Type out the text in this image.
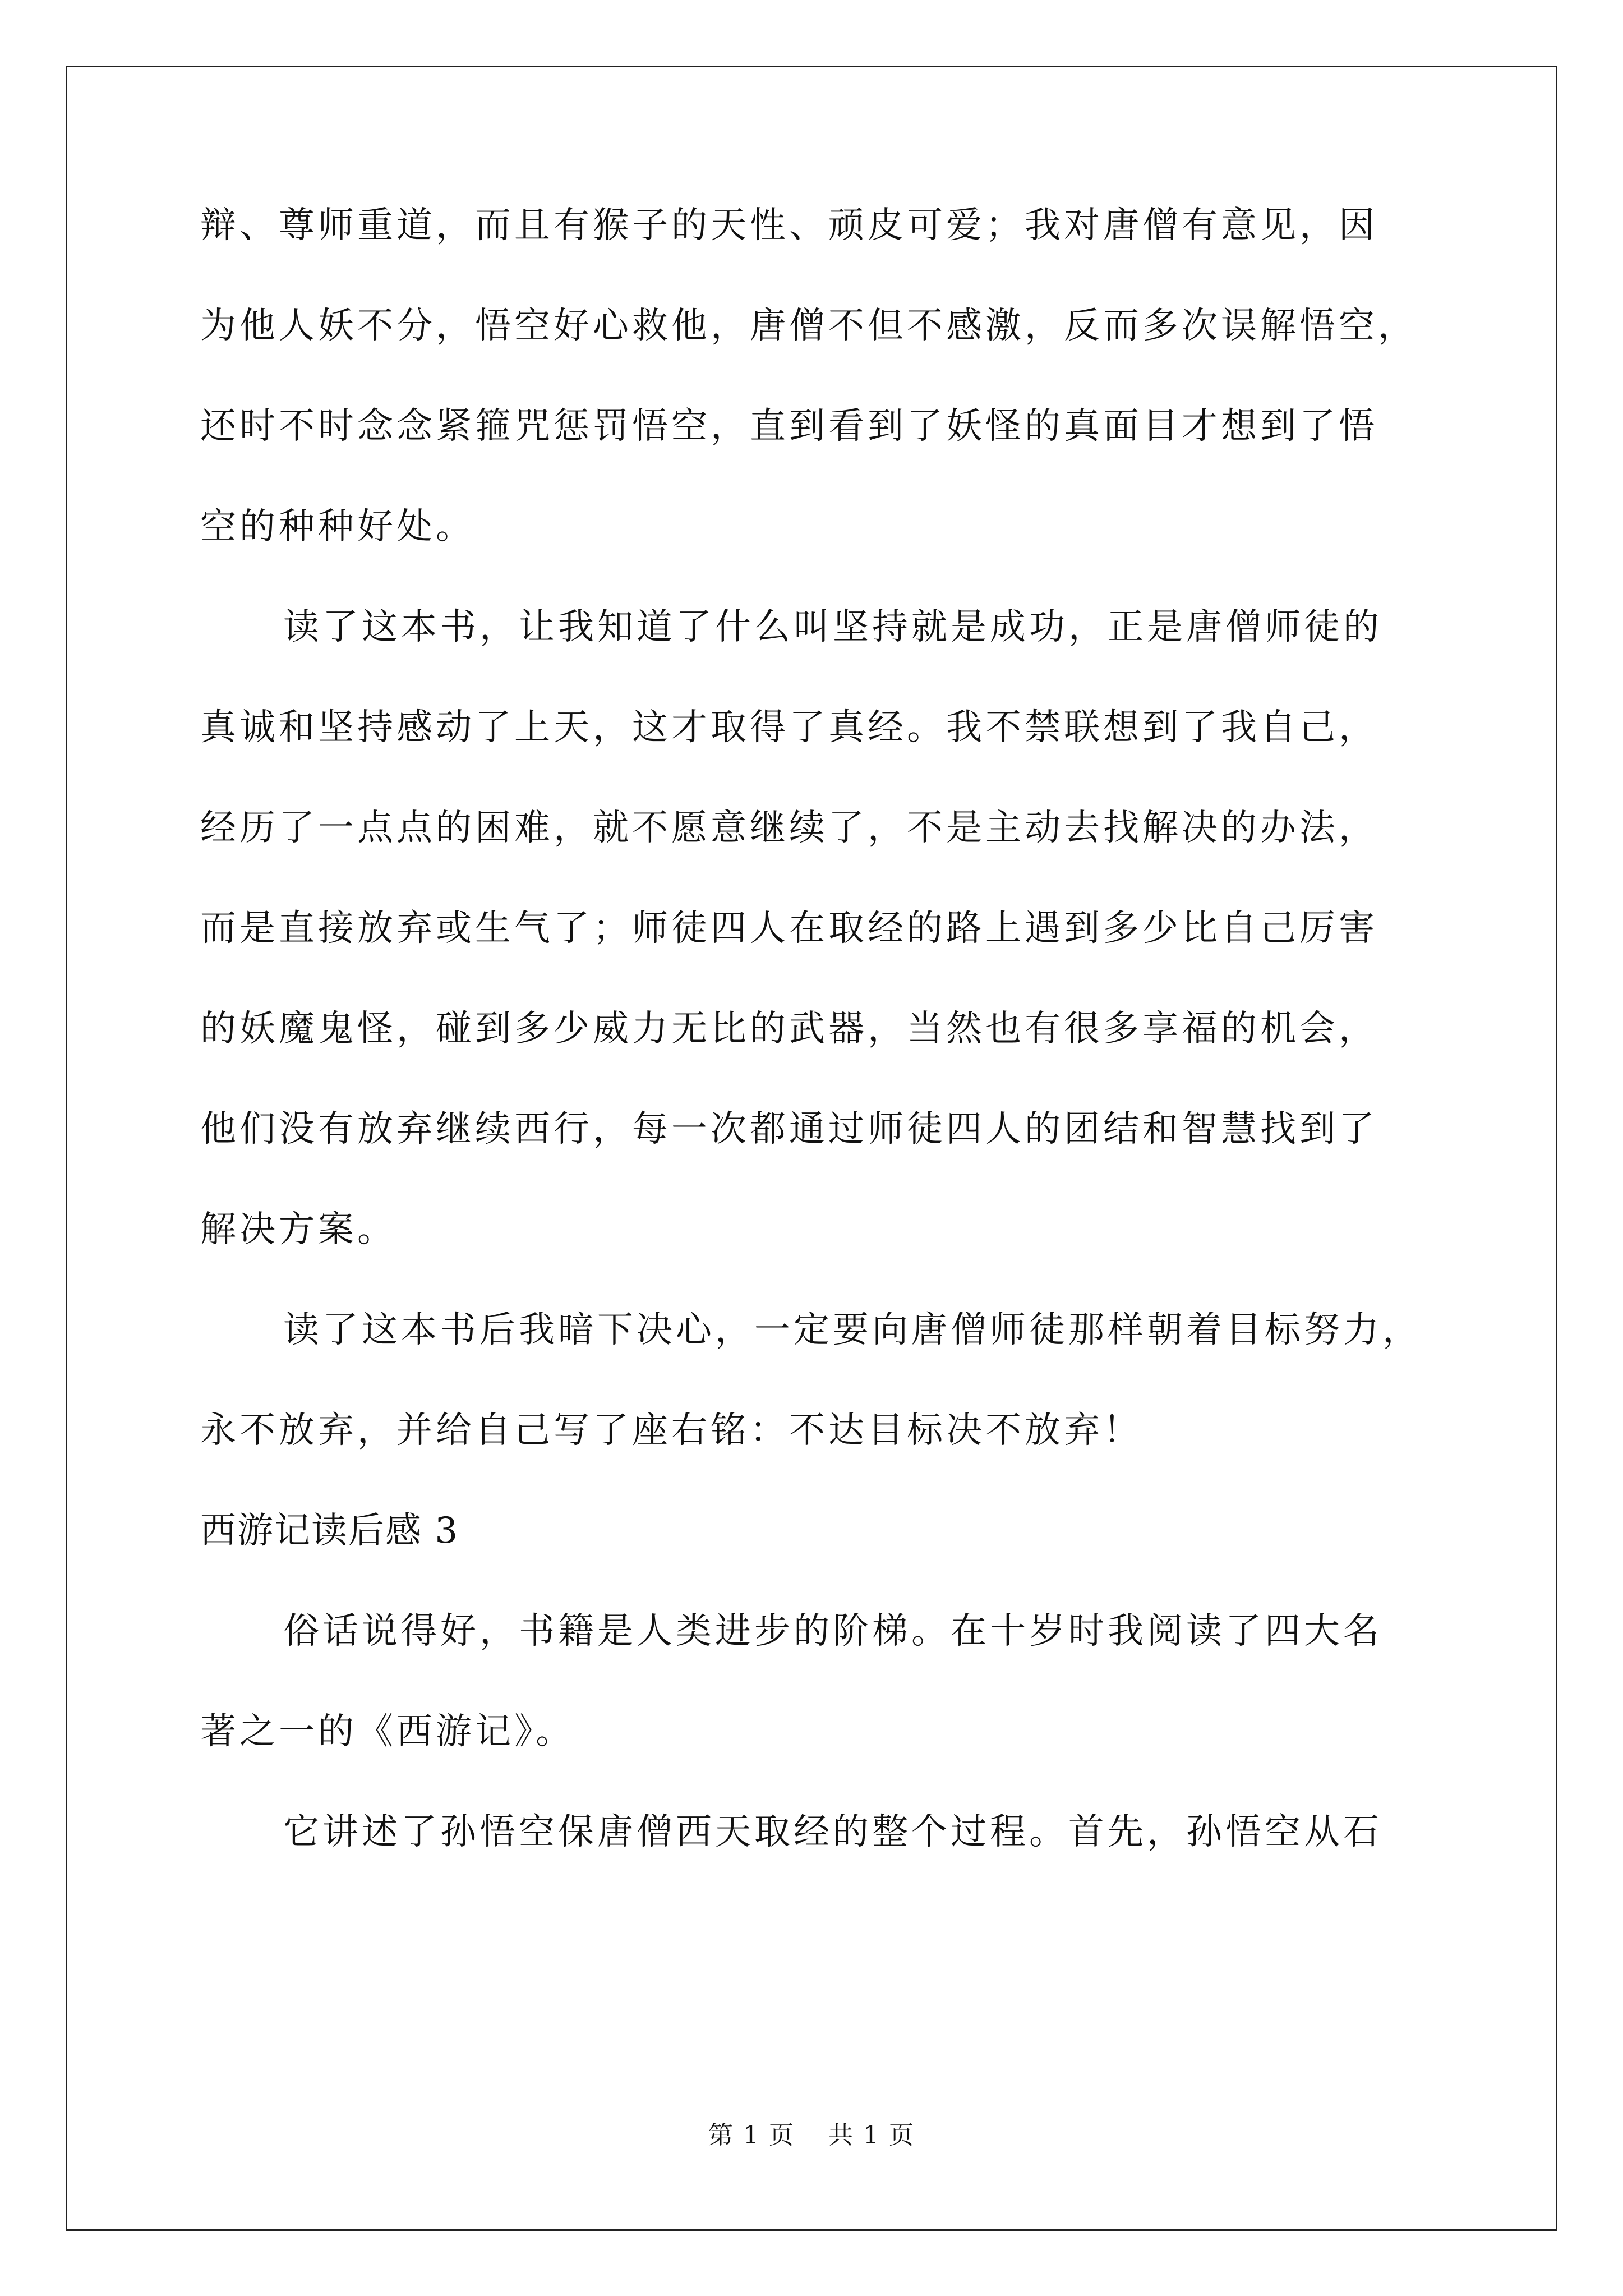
辩、尊师重道，而且有猴子的天性、顽皮可爱；我对唐僧有意见，因
为他人妖不分，悟空好心救他，唐僧不但不感激，反而多次误解悟空，
还时不时念念紧箍咒惩罚悟空，直到看到了妖怪的真面目才想到了悟
空的种种好处。
读了这本书，让我知道了什么叫坚持就是成功，正是唐僧师徒的
真诚和坚持感动了上天，这才取得了真经。我不禁联想到了我自己，
经历了一点点的困难，就不愿意继续了，不是主动去找解决的办法，
而是直接放弃或生气了；师徒四人在取经的路上遇到多少比自己厉害
的妖魔鬼怪，碰到多少威力无比的武器，当然也有很多享福的机会，
他们没有放弃继续西行，每一次都通过师徒四人的团结和智慧找到了
解决方案。
读了这本书后我暗下决心，一定要向唐僧师徒那样朝着目标努力，
永不放弃，并给自己写了座右铭：不达目标决不放弃！
西游记读后感 3
俗话说得好，书籍是人类进步的阶梯。在十岁时我阅读了四大名
著之一的《西游记》。
它讲述了孙悟空保唐僧西天取经的整个过程。首先，孙悟空从石
第 1 页 共 1 页
